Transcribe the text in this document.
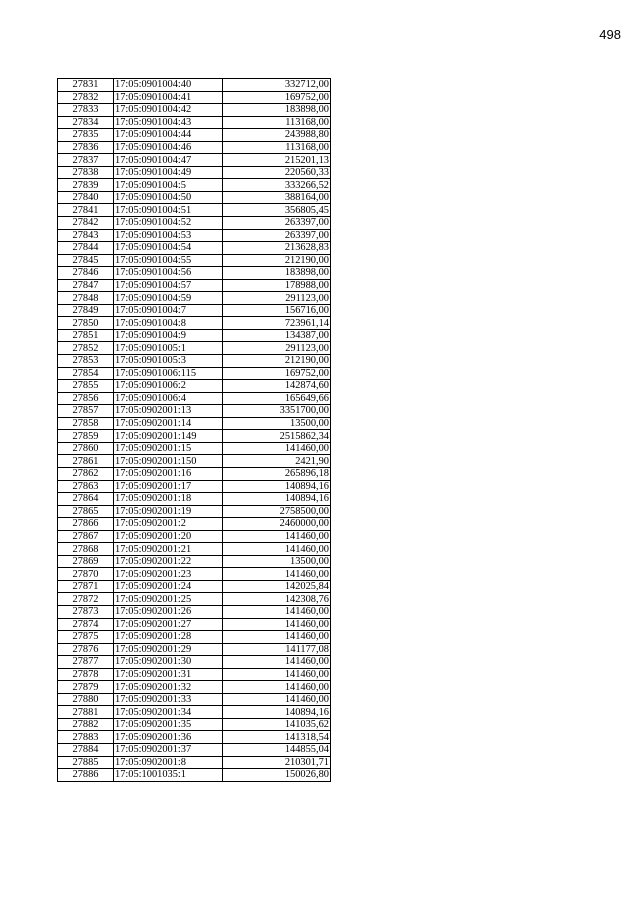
498
27831	17:05:0901004:40	332712,00
27832	17:05:0901004:41	169752,00
27833	17:05:0901004:42	183898,00
27834	17:05:0901004:43	113168,00
27835	17:05:0901004:44	243988,80
27836	17:05:0901004:46	113168,00
27837	17:05:0901004:47	215201,13
27838	17:05:0901004:49	220560,33
27839	17:05:0901004:5	333266,52
27840	17:05:0901004:50	388164,00
27841	17:05:0901004:51	356805,45
27842	17:05:0901004:52	263397,00
27843	17:05:0901004:53	263397,00
27844	17:05:0901004:54	213628,83
27845	17:05:0901004:55	212190,00
27846	17:05:0901004:56	183898,00
27847	17:05:0901004:57	178988,00
27848	17:05:0901004:59	291123,00
27849	17:05:0901004:7	156716,00
27850	17:05:0901004:8	723961,14
27851	17:05:0901004:9	134387,00
27852	17:05:0901005:1	291123,00
27853	17:05:0901005:3	212190,00
27854	17:05:0901006:115	169752,00
27855	17:05:0901006:2	142874,60
27856	17:05:0901006:4	165649,66
27857	17:05:0902001:13	3351700,00
27858	17:05:0902001:14	13500,00
27859	17:05:0902001:149	2515862,34
27860	17:05:0902001:15	141460,00
27861	17:05:0902001:150	2421,90
27862	17:05:0902001:16	265896,18
27863	17:05:0902001:17	140894,16
27864	17:05:0902001:18	140894,16
27865	17:05:0902001:19	2758500,00
27866	17:05:0902001:2	2460000,00
27867	17:05:0902001:20	141460,00
27868	17:05:0902001:21	141460,00
27869	17:05:0902001:22	13500,00
27870	17:05:0902001:23	141460,00
27871	17:05:0902001:24	142025,84
27872	17:05:0902001:25	142308,76
27873	17:05:0902001:26	141460,00
27874	17:05:0902001:27	141460,00
27875	17:05:0902001:28	141460,00
27876	17:05:0902001:29	141177,08
27877	17:05:0902001:30	141460,00
27878	17:05:0902001:31	141460,00
27879	17:05:0902001:32	141460,00
27880	17:05:0902001:33	141460,00
27881	17:05:0902001:34	140894,16
27882	17:05:0902001:35	141035,62
27883	17:05:0902001:36	141318,54
27884	17:05:0902001:37	144855,04
27885	17:05:0902001:8	210301,71
27886	17:05:1001035:1	150026,80
